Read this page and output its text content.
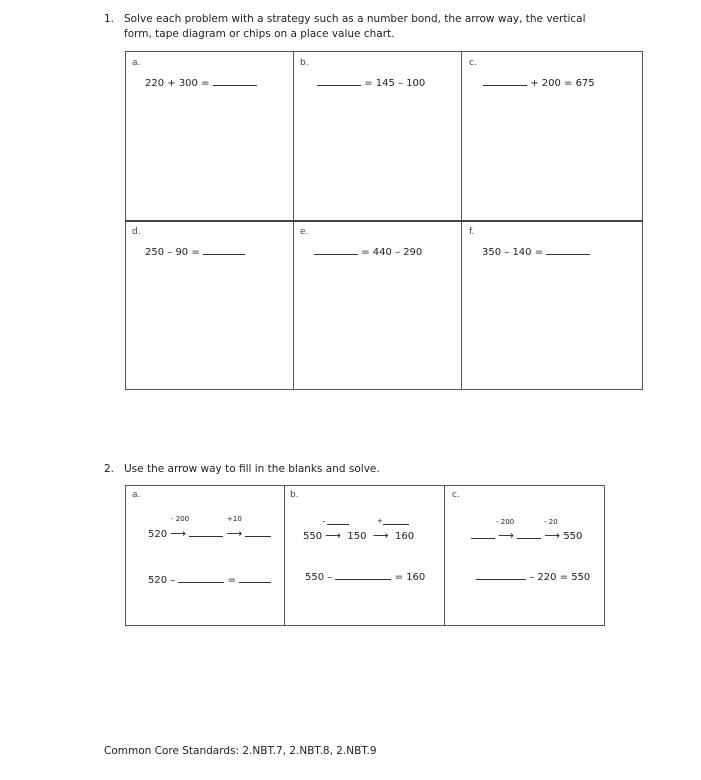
1. Solve each problem with a strategy such as a number bond, the arrow way, the vertical
form, tape diagram or chips on a place value chart.
a.
220 + 300 =
b.
= 145 – 100
c.
+ 200 = 675
d.
250 – 90 =
e.
= 440 – 290
f.
350 – 140 =
2. Use the arrow way to fill in the blanks and solve.
a.
- 200	+10
520 ⟶	⟶
520 –	=
b.
–	+
550 ⟶ 150 ⟶ 160
550 –	= 160
c.
- 200	- 20
⟶	⟶ 550
– 220 = 550
Common Core Standards: 2.NBT.7, 2.NBT.8, 2.NBT.9
